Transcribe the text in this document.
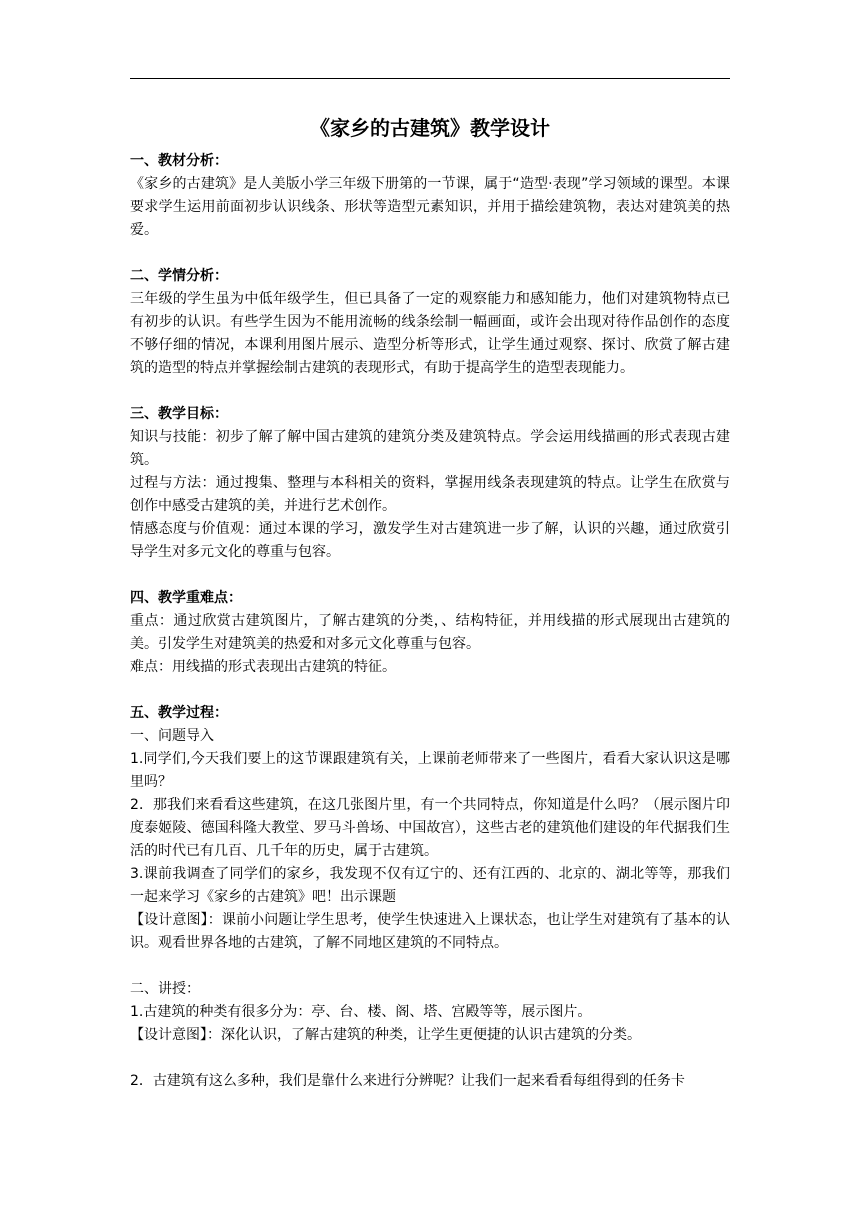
《家乡的古建筑》教学设计
一、教材分析：

《家乡的古建筑》是人美版小学三年级下册第的一节课，属于“造型·表现”学习领域的课型。本课要求学生运用前面初步认识线条、形状等造型元素知识，并用于描绘建筑物，表达对建筑美的热爱。

二、学情分析：

三年级的学生虽为中低年级学生，但已具备了一定的观察能力和感知能力，他们对建筑物特点已有初步的认识。有些学生因为不能用流畅的线条绘制一幅画面，或许会出现对待作品创作的态度不够仔细的情况，本课利用图片展示、造型分析等形式，让学生通过观察、探讨、欣赏了解古建筑的造型的特点并掌握绘制古建筑的表现形式，有助于提高学生的造型表现能力。

三、教学目标：

知识与技能：初步了解了解中国古建筑的建筑分类及建筑特点。学会运用线描画的形式表现古建筑。

过程与方法：通过搜集、整理与本科相关的资料，掌握用线条表现建筑的特点。让学生在欣赏与创作中感受古建筑的美，并进行艺术创作。

情感态度与价值观：通过本课的学习，激发学生对古建筑进一步了解，认识的兴趣，通过欣赏引导学生对多元文化的尊重与包容。

四、教学重难点：

重点：通过欣赏古建筑图片，了解古建筑的分类，、结构特征，并用线描的形式展现出古建筑的美。引发学生对建筑美的热爱和对多元文化尊重与包容。

难点：用线描的形式表现出古建筑的特征。

五、教学过程：

一、问题导入

1.同学们,今天我们要上的这节课跟建筑有关，上课前老师带来了一些图片，看看大家认识这是哪里吗？

2．那我们来看看这些建筑，在这几张图片里，有一个共同特点，你知道是什么吗？（展示图片印度泰姬陵、德国科隆大教堂、罗马斗兽场、中国故宫），这些古老的建筑他们建设的年代据我们生活的时代已有几百、几千年的历史，属于古建筑。

3.课前我调查了同学们的家乡，我发现不仅有辽宁的、还有江西的、北京的、湖北等等，那我们一起来学习《家乡的古建筑》吧！出示课题

【设计意图】：课前小问题让学生思考，使学生快速进入上课状态，也让学生对建筑有了基本的认识。观看世界各地的古建筑，了解不同地区建筑的不同特点。

二、讲授：

1.古建筑的种类有很多分为：亭、台、楼、阁、塔、宫殿等等，展示图片。

【设计意图】：深化认识，了解古建筑的种类，让学生更便捷的认识古建筑的分类。

2．古建筑有这么多种，我们是靠什么来进行分辨呢？让我们一起来看看每组得到的任务卡
